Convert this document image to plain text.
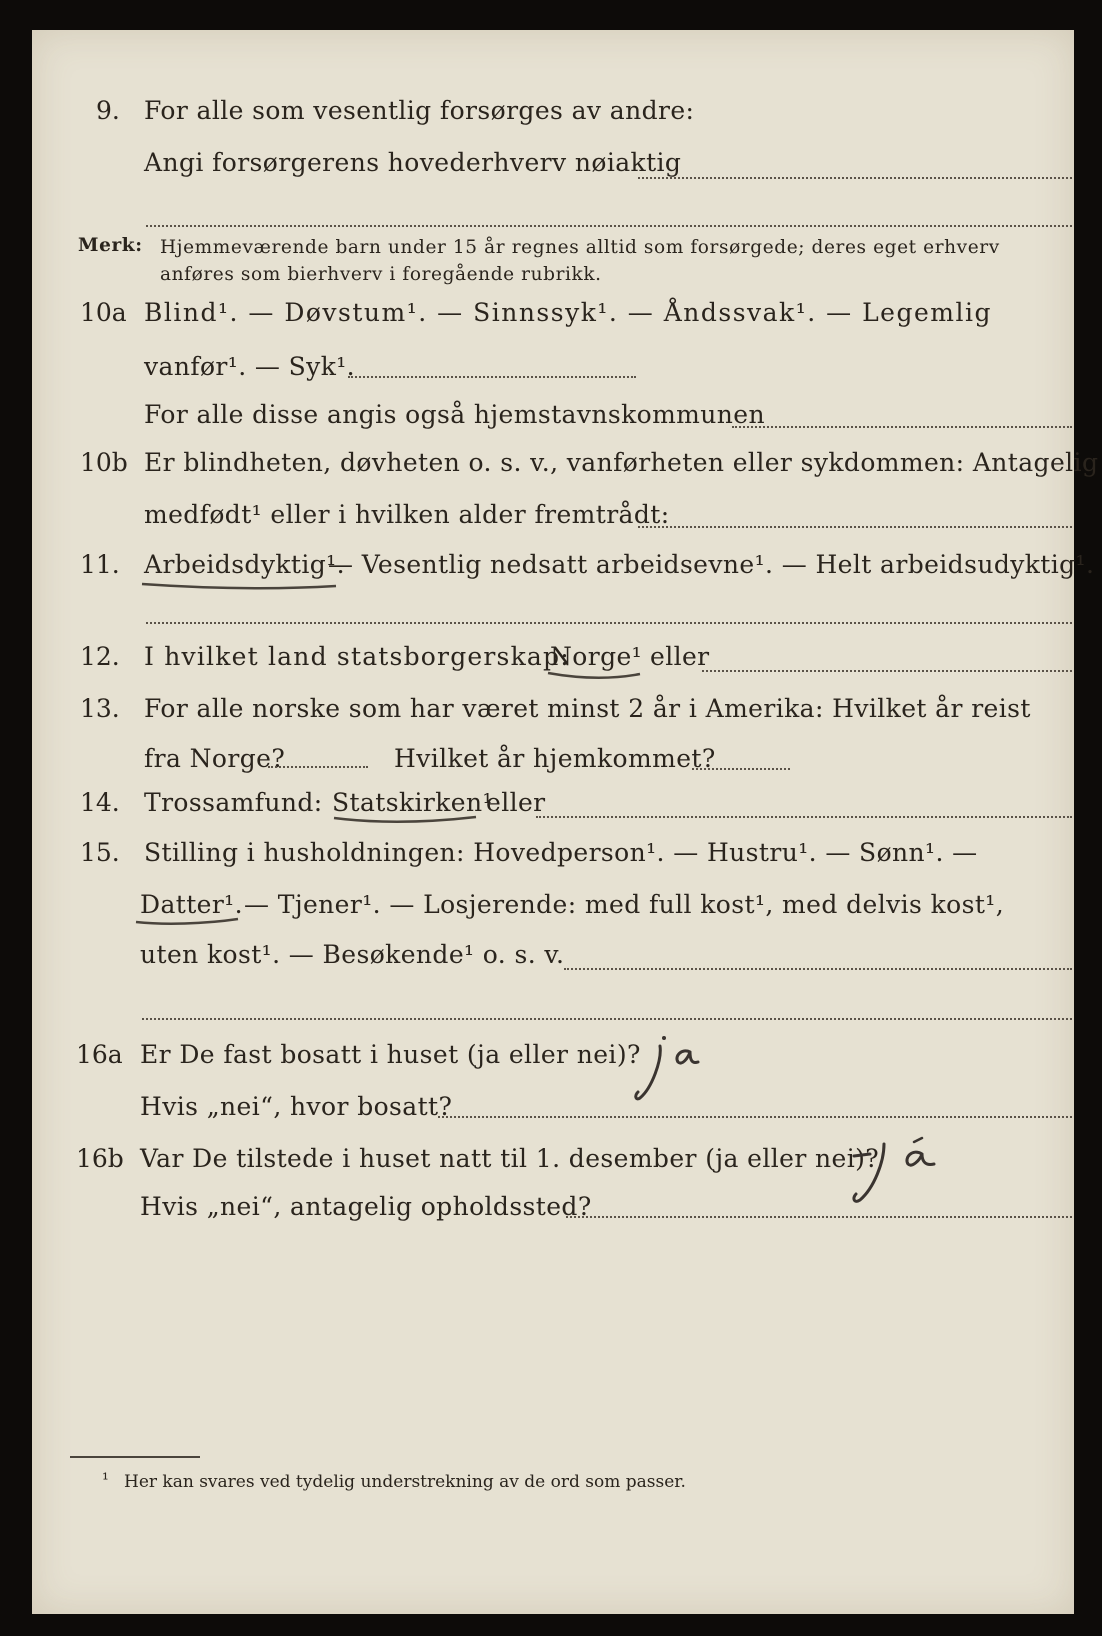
9. For alle som vesentlig forsørges av andre:
Angi forsørgerens hovederhverv nøiaktig
Merk: Hjemmeværende barn under 15 år regnes alltid som forsørgede; deres eget erhverv
anføres som bierhverv i foregående rubrikk.
10a Blind¹. — Døvstum¹. — Sinnssyk¹. — Åndssvak¹. — Legemlig
vanfør¹. — Syk¹.
For alle disse angis også hjemstavnskommunen
10b Er blindheten, døvheten o. s. v., vanførheten eller sykdommen: Antagelig
medfødt¹ eller i hvilken alder fremtrådt:
11. Arbeidsdyktig¹.
— Vesentlig nedsatt arbeidsevne¹. — Helt arbeidsudyktig¹.
12. I hvilket land statsborgerskap:
Norge¹ eller
13. For alle norske som har været minst 2 år i Amerika: Hvilket år reist
fra Norge?	Hvilket år hjemkommet?
14. Trossamfund: Statskirken¹
eller
15. Stilling i husholdningen: Hovedperson¹. — Hustru¹. — Sønn¹. —
Datter¹. — Tjener¹. — Losjerende: med full kost¹, med delvis kost¹,
uten kost¹. — Besøkende¹ o. s. v.
16a Er De fast bosatt i huset (ja eller nei)?
Hvis „nei“, hvor bosatt?
16b Var De tilstede i huset natt til 1. desember (ja eller nei)?
Hvis „nei“, antagelig opholdssted?
¹ Her kan svares ved tydelig understrekning av de ord som passer.
